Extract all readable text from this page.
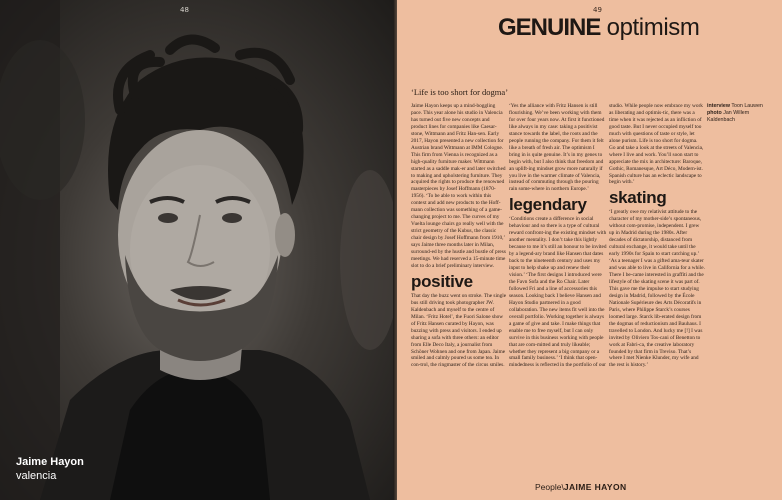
48
Jaime Hayon
valencia
49
GENUINE optimism
‘Life is too short for dogma’

Jaime Hayon keeps up a mind-boggling pace. This year alone his studio in Valencia has turned out five new concepts and product lines for companies like Caesar-stone, Wittmann and Fritz Han-sen. Early 2017, Hayon presented a new collection for Austrian brand Wittmann at IMM Cologne. This firm from Vienna is recognized as a high-quality furniture maker. Wittmann started as a saddle mak-er and later switched to making and upholstering furniture. They acquired the rights to produce the renowned masterpieces by Josef Hoffmann (1870-1956). ‘To be able to work within this context and add new products to the Hoff-mann collection was something of a game-changing project to me. The curves of my Vuelta lounge chairs go really well with the strict geometry of the Kubus, the classic chair design by Josef Hoffmann from 1910,’ says Jaime three months later in Milan, surround-ed by the hustle and bustle of press meetings. We had reserved a 15-minute time slot to do a brief preliminary interview.

positive

That day the buzz went on stroke. The single bus still driving took photographer JW. Kaldenbach and myself to the centre of Milan. ‘Fritz Hotel’, the Fuori Salone show of Fritz Hansen curated by Hayon, was buzzing with press and visitors. I ended up sharing a sofa with three others: an editor from Elle Deco Italy, a journalist from Schöner Wohnen and one from Japan. Jaime smiled and calmly poured us some tea. In con-trol, the ringmaster of the circus smiles.

‘Yes the alliance with Fritz Hansen is still flourishing. We’ve been working with them for over four years now. At first it functioned like always in my case: taking a positivist stance towards the label, the roots and the people running the company. For them it felt like a breath of fresh air. The optimism I bring in is quite genuine. It’s in my genes to begin with, but I also think that freedom and an uplift-ing mindset grow more naturally if you live in the warmer climate of Valencia, instead of commuting through the pouring rain some-where in northern Europe.’

legendary

‘Conditions create a difference in social behaviour and so there is a type of cultural reward confront-ing the existing mindset with another mentality. I don’t take this lightly because to me it’s still an honour to be invited by a legend-ary brand like Hansen that dates back to the nineteenth century and uses my input to help shake up and renew their vision.’ ‘The first designs I introduced were the Favn Sofa and the Ro Chair. Later followed Fri and a line of accessories this season. Looking back I believe Hansen and Hayon Studio partnered in a good collaboration. The new items fit well into the overall portfolio. Working together is always a game of give and take. I make things that enable me to free myself, but I can only survive in this business working with people that are com-mitted and truly likeable; whether they represent a big company or a small family business.’ ‘I think that open-mindedness is reflected in the portfolio of our

studio. While people now embrace my work as liberating and optimis-tic, there was a time when it was rejected as an infliction of good taste. But I never occupied myself too much with questions of taste or style, let alone purism. Life is too short for dogma. Go and take a look at the streets of Valencia, where I live and work. You’ll soon start to appreciate the mix in architecture: Baroque, Gothic, Romanesque, Art Déco, Modern-ist. Spanish culture has an eclectic landscape to begin with.’

skating

‘I greatly owe my relativist attitude to the character of my mother-side’s spontaneous, without com-promise, independent. I grew up in Madrid during the 1980s. After decades of dictatorship, distanced from cultural exchange, it would take until the early 1990s for Spain to start catching up.’ ‘As a teenager I was a gifted ama-teur skater and was able to live in California for a while. There I be-came interested in graffiti and the lifestyle of the skating scene it was part of. This gave me the impulse to start studying design in Madrid, followed by the École Nationale Supérieure des Arts Décoratifs in Paris, where Philippe Starck’s courses loomed large. Starck lib-erated design from the dogmas of reductionism and Bauhaus. I travelled to London. And lucky me [!] I was invited by Oliviero Tos-cani of Benetton to work at Fabri-ca, the creative laboratory founded by that firm in Treviso. That’s where I met Nienke Klunder, my wife and the rest is history.’

interview Toon Lauwen
photo Jan Willem Kaldenbach
People\JAIME HAYON
